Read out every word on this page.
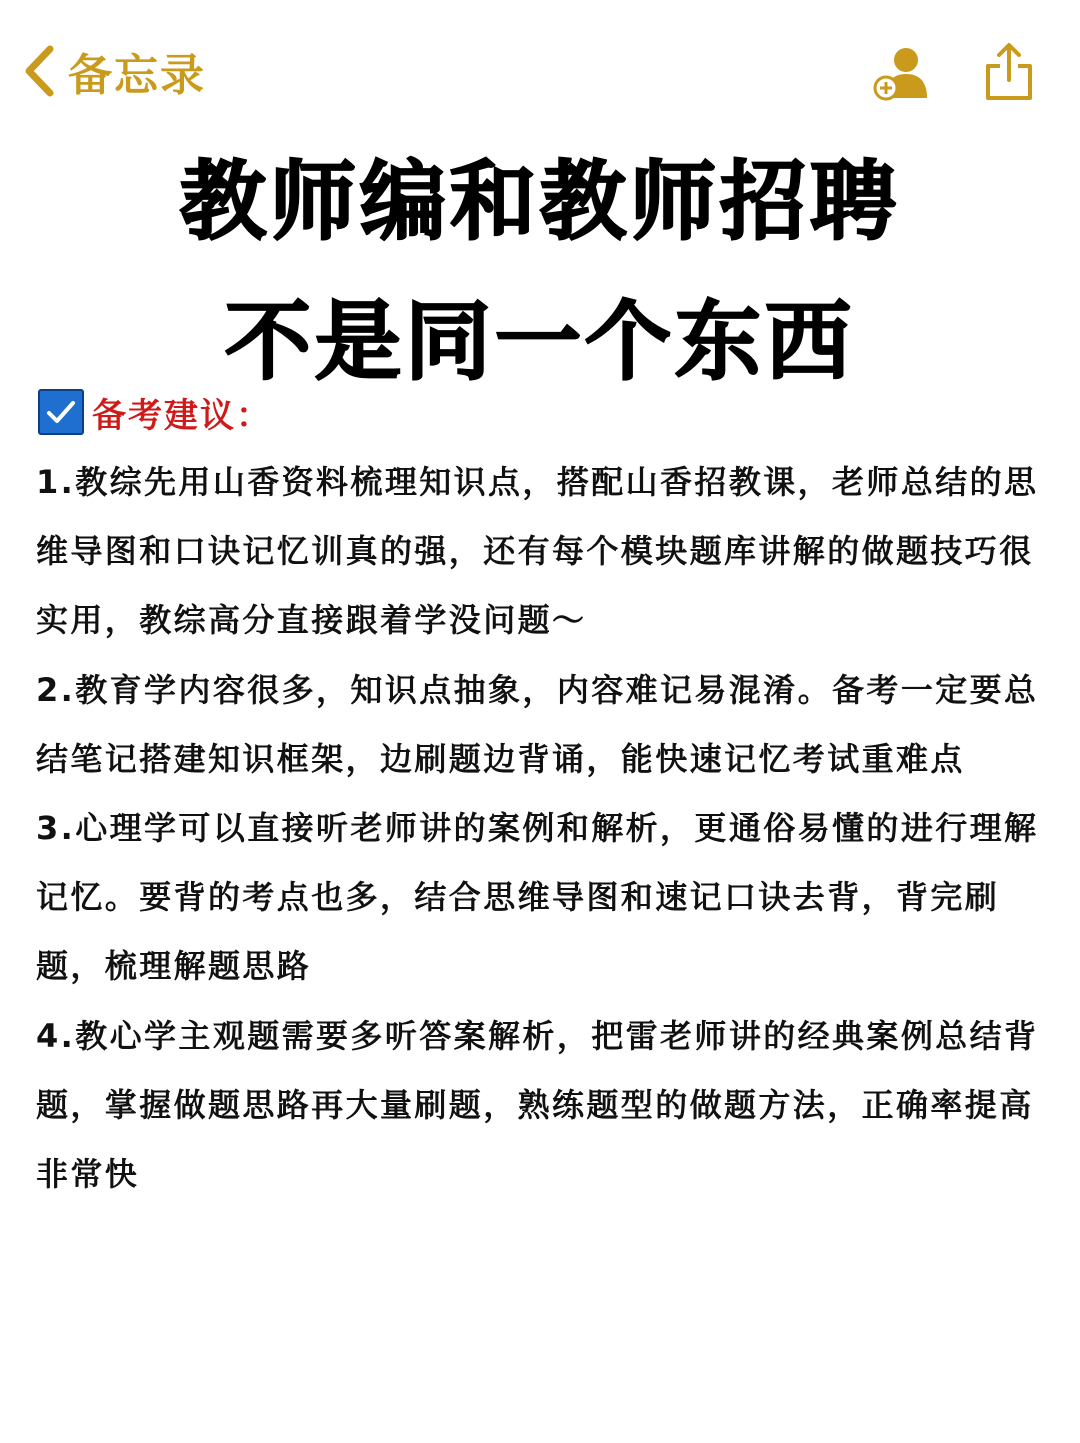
备忘录
教师编和教师招聘
不是同一个东西
备考建议：

1.教综先用山香资料梳理知识点，搭配山香招教课，老师总结的思维导图和口诀记忆训真的强，还有每个模块题库讲解的做题技巧很实用，教综高分直接跟着学没问题～

2.教育学内容很多，知识点抽象，内容难记易混淆。备考一定要总结笔记搭建知识框架，边刷题边背诵，能快速记忆考试重难点

3.心理学可以直接听老师讲的案例和解析，更通俗易懂的进行理解记忆。要背的考点也多，结合思维导图和速记口诀去背，背完刷题，梳理解题思路

4.教心学主观题需要多听答案解析，把雷老师讲的经典案例总结背题，掌握做题思路再大量刷题，熟练题型的做题方法，正确率提高非常快
